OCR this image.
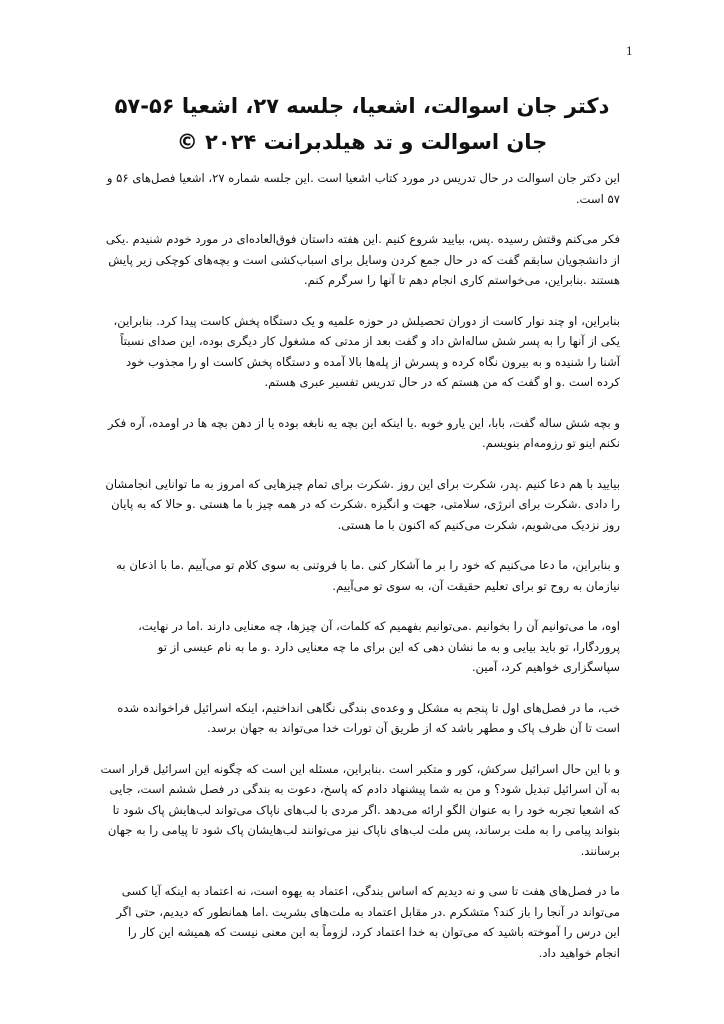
1
دکتر جان اسوالت، اشعیا، جلسه ۲۷، اشعیا ۵۶-۵۷
جان اسوالت و تد هیلدبرانت ۲۰۲۴ ©

این دکتر جان اسوالت در حال تدریس در مورد کتاب اشعیا است .این جلسه شماره ۲۷، اشعیا فصل‌های ۵۶ و ۵۷ است.

فکر می‌کنم وقتش رسیده .پس، بیایید شروع کنیم .این هفته داستان فوق‌العاده‌ای در مورد خودم شنیدم .یکی از دانشجویان سابقم گفت که در حال جمع کردن وسایل برای اسباب‌کشی است و بچه‌های کوچکی زیر پایش هستند .بنابراین، می‌خواستم کاری انجام دهم تا آنها را سرگرم کنم.

بنابراین، او چند نوار کاست از دوران تحصیلش در حوزه علمیه و یک دستگاه پخش کاست پیدا کرد. بنابراین، یکی از آنها را به پسر شش ساله‌اش داد و گفت بعد از مدتی که مشغول کار دیگری بوده، این صدای نسبتاً آشنا را شنیده و به بیرون نگاه کرده و پسرش از پله‌ها بالا آمده و دستگاه پخش کاست او را مجذوب خود کرده است .و او گفت که من هستم که در حال تدریس تفسیر عبری هستم.

و بچه شش ساله گفت، بابا، این یارو خوبه .یا اینکه این بچه یه نابغه بوده یا از دهن بچه ها در اومده، آره فکر نکنم اینو تو رزومه‌ام بنویسم.

بیایید با هم دعا کنیم .پدر، شکرت برای این روز .شکرت برای تمام چیزهایی که امروز به ما توانایی انجامشان را دادی .شکرت برای انرژی، سلامتی، جهت و انگیزه .شکرت که در همه چیز با ما هستی .و حالا که به پایان روز نزدیک می‌شویم، شکرت می‌کنیم که اکنون با ما هستی.

و بنابراین، ما دعا می‌کنیم که خود را بر ما آشکار کنی .ما با فروتنی به سوی کلام تو می‌آییم .ما با اذعان به نیازمان به روح تو برای تعلیم حقیقت آن، به سوی تو می‌آییم.

اوه، ما می‌توانیم آن را بخوانیم .می‌توانیم بفهمیم که کلمات، آن چیزها، چه معنایی دارند .اما در نهایت، پروردگارا، تو باید بیایی و به ما نشان دهی که این برای ما چه معنایی دارد .و ما به نام عیسی از تو سپاسگزاری خواهیم کرد، آمین.

خب، ما در فصل‌های اول تا پنجم به مشکل و وعده‌ی بندگی نگاهی انداختیم، اینکه اسرائیل فراخوانده شده است تا آن ظرف پاک و مطهر باشد که از طریق آن تورات خدا می‌تواند به جهان برسد.

و با این حال اسرائیل سرکش، کور و متکبر است .بنابراین، مسئله این است که چگونه این اسرائیل قرار است به آن اسرائیل تبدیل شود؟ و من به شما پیشنهاد دادم که پاسخ، دعوت به بندگی در فصل ششم است، جایی که اشعیا تجربه خود را به عنوان الگو ارائه می‌دهد .اگر مردی با لب‌های ناپاک می‌تواند لب‌هایش پاک شود تا بتواند پیامی را به ملت برساند، پس ملت لب‌های ناپاک نیز می‌توانند لب‌هایشان پاک شود تا پیامی را به جهان برسانند.

ما در فصل‌های هفت تا سی و نه دیدیم که اساس بندگی، اعتماد به یهوه است، نه اعتماد به اینکه آیا کسی می‌تواند در آنجا را باز کند؟ متشکرم .در مقابل اعتماد به ملت‌های بشریت .اما همانطور که دیدیم، حتی اگر این درس را آموخته باشید که می‌توان به خدا اعتماد کرد، لزوماً به این معنی نیست که همیشه این کار را انجام خواهید داد.
